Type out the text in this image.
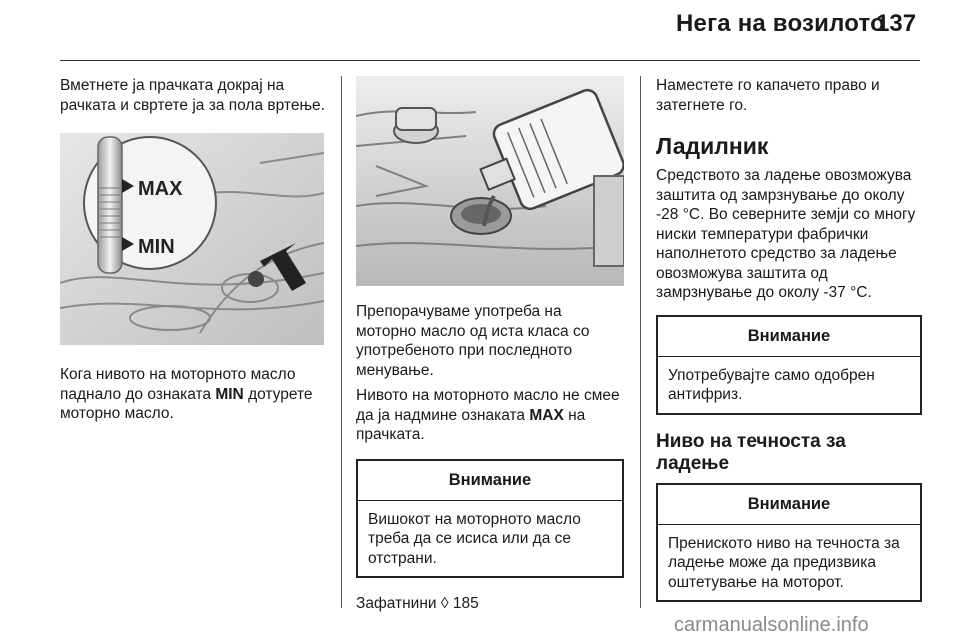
Нега на возилото
137

Вметнете ја прачката докрај на рачката и свртете ја за пола вртење.

MAX
MIN

Кога нивото на моторното масло паднало до ознаката MIN дотурете моторно масло.

Препорачуваме употреба на моторно масло од иста класа со употребеното при последното менување.

Нивото на моторното масло не смее да ја надмине ознаката MAX на прачката.

Внимание
Вишокот на моторното масло треба да се исиса или да се отстрани.

Зафатнини ◊ 185

Наместете го капачето право и затегнете го.

Ладилник

Средството за ладење овозможува заштита од замрзнување до околу -28 °C. Во северните земји со многу ниски температури фабрички наполнетото средство за ладење овозможува заштита од замрзнување до околу -37 °C.

Внимание
Употребувајте само одобрен антифриз.
Ниво на течноста за ладење
Внимание
Прениското ниво на течноста за ладење може да предизвика оштетување на моторот.
carmanualsonline.info
